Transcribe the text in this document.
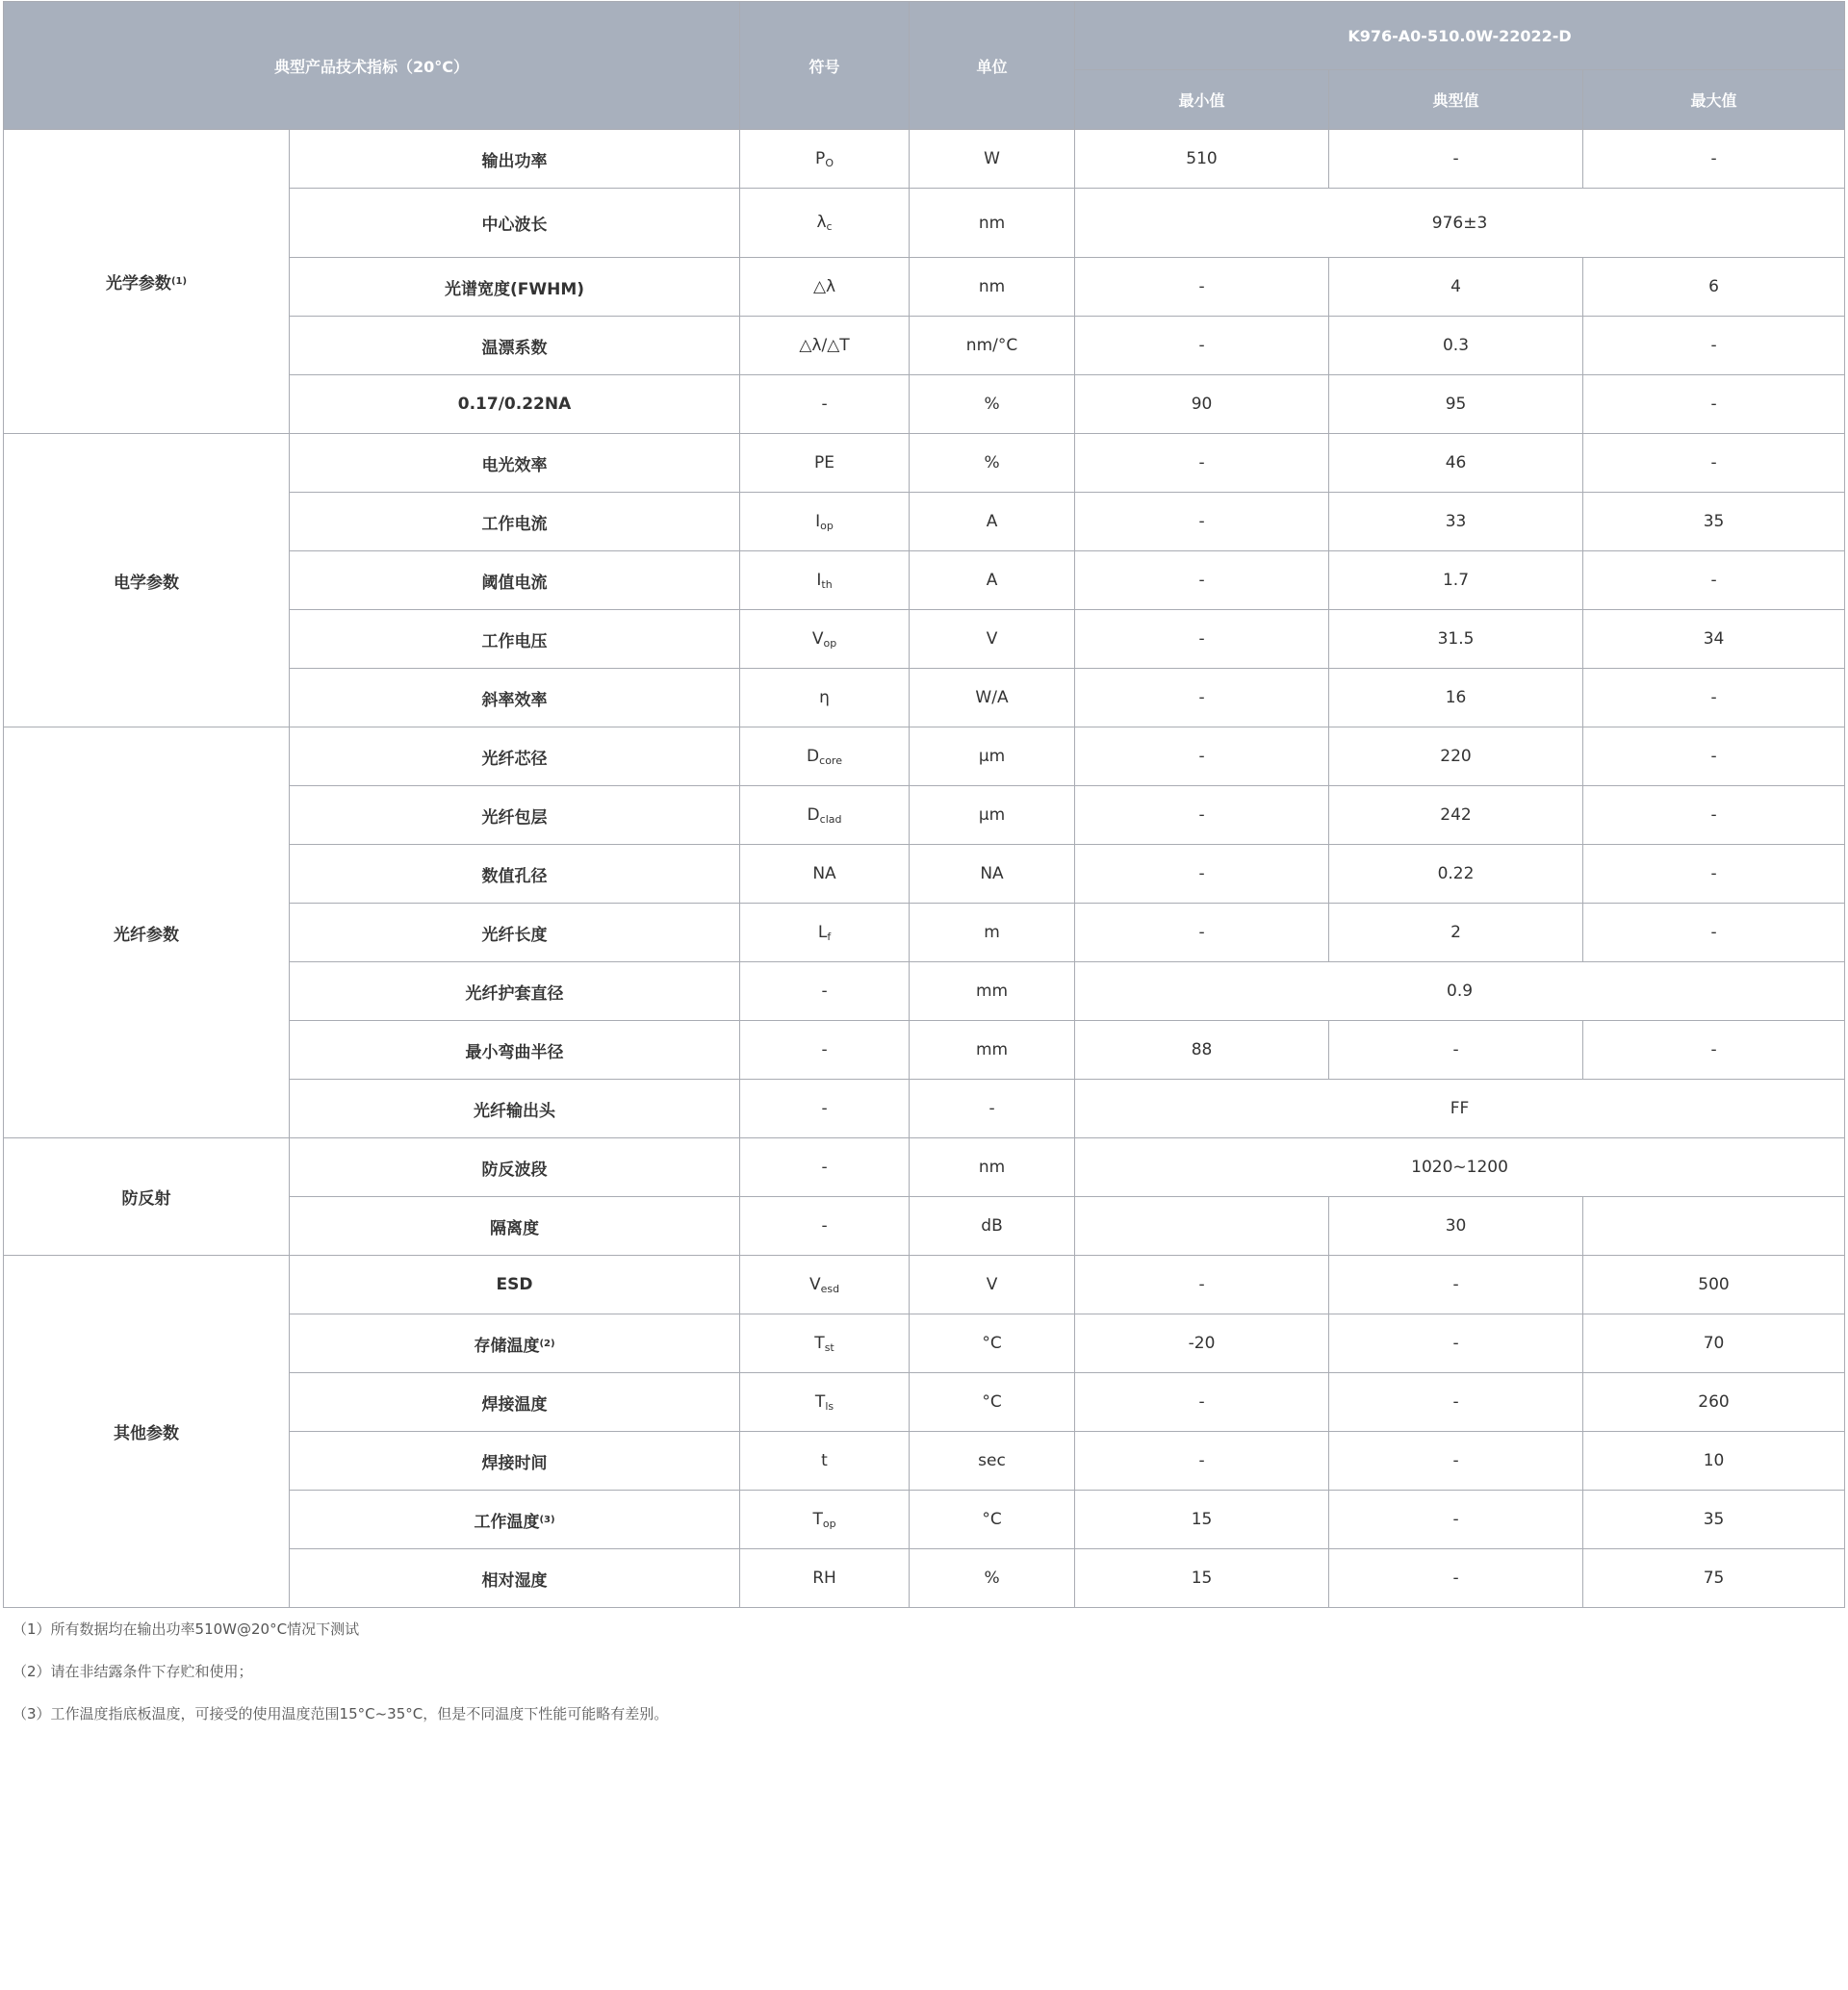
典型产品技术指标（20°C）		符号	单位	K976-A0-510.0W-22022-D		
				最小值	典型值	最大值
光学参数$^{(1)}$	输出功率	$P_O$	W	510	-	-
	中心波长	$\lambda_c$	nm	976±3		
	光谱宽度(FWHM)	△λ	nm	-	4	6
	温漂系数	△λ/△T	nm/°C	-	0.3	-
	0.17/0.22NA	-	%	90	95	-
电学参数	电光效率	PE	%	-	46	-
	工作电流	$I_{op}$	A	-	33	35
	阈值电流	$I_{th}$	A	-	1.7	-
	工作电压	$V_{op}$	V	-	31.5	34
	斜率效率	η	W/A	-	16	-
光纤参数	光纤芯径	$D_{core}$	μm	-	220	-
	光纤包层	$D_{clad}$	μm	-	242	-
	数值孔径	NA	NA	-	0.22	-
	光纤长度	$L_f$	m	-	2	-
	光纤护套直径	-	mm	0.9		
	最小弯曲半径	-	mm	88	-	-
	光纤输出头	-	-	FF		
防反射	防反波段	-	nm	1020~1200		
	隔离度	-	dB		30	
其他参数	ESD	$V_{esd}$	V	-	-	500
	存储温度$^{(2)}$	$T_{st}$	°C	-20	-	70
	焊接温度	$T_{ls}$	°C	-	-	260
	焊接时间	t	sec	-	-	10
	工作温度$^{(3)}$	$T_{op}$	°C	15	-	35
	相对湿度	RH	%	15	-	75
（1）所有数据均在输出功率510W@20°C情况下测试
（2）请在非结露条件下存贮和使用；
（3）工作温度指底板温度，可接受的使用温度范围15°C~35°C，但是不同温度下性能可能略有差别。
